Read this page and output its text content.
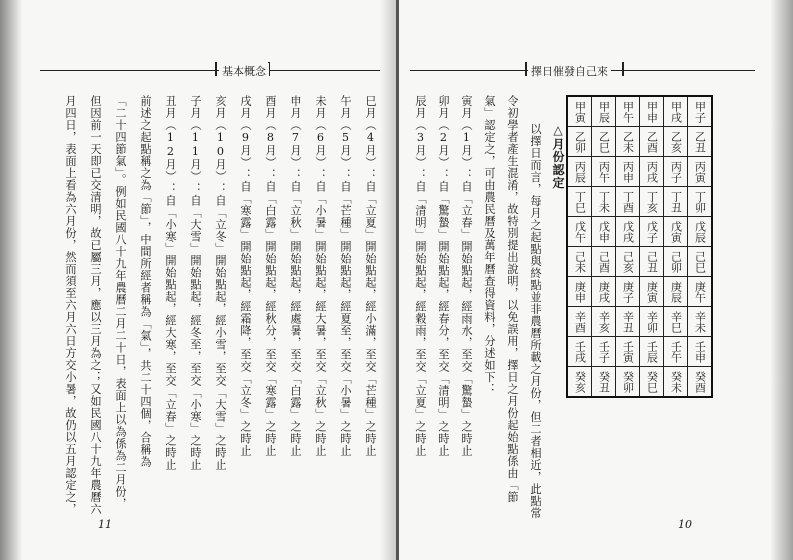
基本概念
11
擇日催發自己來
10
巳月（4月）：自「立夏」開始點起，經小滿，至交「芒種」之時止
午月（5月）：自「芒種」開始點起，經夏至，至交「小暑」之時止
未月（6月）：自「小暑」開始點起，經大暑，至交「立秋」之時止
申月（7月）：自「立秋」開始點起，經處暑，至交「白露」之時止
酉月（8月）：自「白露」開始點起，經秋分，至交「寒露」之時止
戌月（9月）：自「寒露」開始點起，經霜降，至交「立冬」之時止
亥月（10月）：自「立冬」開始點起，經小雪，至交「大雪」之時止
子月（11月）：自「大雪」開始點起，經冬至，至交「小寒」之時止
丑月（12月）：自「小寒」開始點起，經大寒，至交「立春」之時止
前述之起點稱之為「節」，中間所經者稱為「氣」，共二十四個，合稱為
「二十四節氣」。例如民國八十九年農曆二月二十日，表面上以為係為二月份，
但因前一天即已交清明，故已屬三月，應以三月為之；又如民國八十九年農曆六
月四日，表面上看為六月份，然而須至六月六日方交小暑，故仍以五月認定之，	甲寅	甲辰	甲午	甲申	甲戌	甲子

乙卯	乙巳	乙未	乙酉	乙亥	乙丑

丙辰	丙午	丙申	丙戌	丙子	丙寅

丁巳	丁未	丁酉	丁亥	丁丑	丁卯

戊午	戊申	戊戌	戊子	戊寅	戊辰

己未	己酉	己亥	己丑	己卯	己巳

庚申	庚戌	庚子	庚寅	庚辰	庚午

辛酉	辛亥	辛丑	辛卯	辛巳	辛未

壬戌	壬子	壬寅	壬辰	壬午	壬申

癸亥	癸丑	癸卯	癸巳	癸未	癸酉
△月份認定
以擇日而言，每月之起點與終點並非農曆所載之月份，但二者相近，此點常
令初學者產生混淆，故特別提出說明，以免誤用，擇日之月份起始點係由「節
氣」認定之，可由農民曆及萬年曆查得資料，分述如下：
寅月（1月）：自「立春」開始點起，經雨水，至交「驚蟄」之時止
卯月（2月）：自「驚蟄」開始點起，經春分，至交「清明」之時止
辰月（3月）：自「清明」開始點起，經穀雨，至交「立夏」之時止
